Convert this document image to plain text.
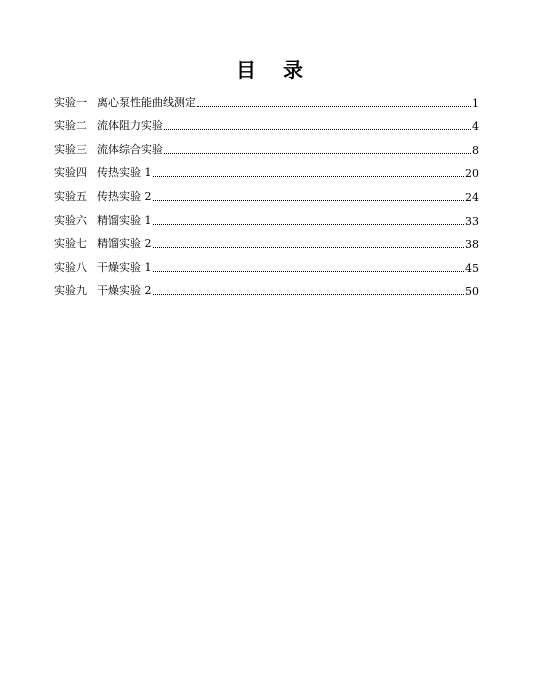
目 录
实验一 离心泵性能曲线测定	1
实验二 流体阻力实验	4
实验三 流体综合实验	8
实验四 传热实验 1	20
实验五 传热实验 2	24
实验六 精馏实验 1	33
实验七 精馏实验 2	38
实验八 干燥实验 1	45
实验九 干燥实验 2	50
